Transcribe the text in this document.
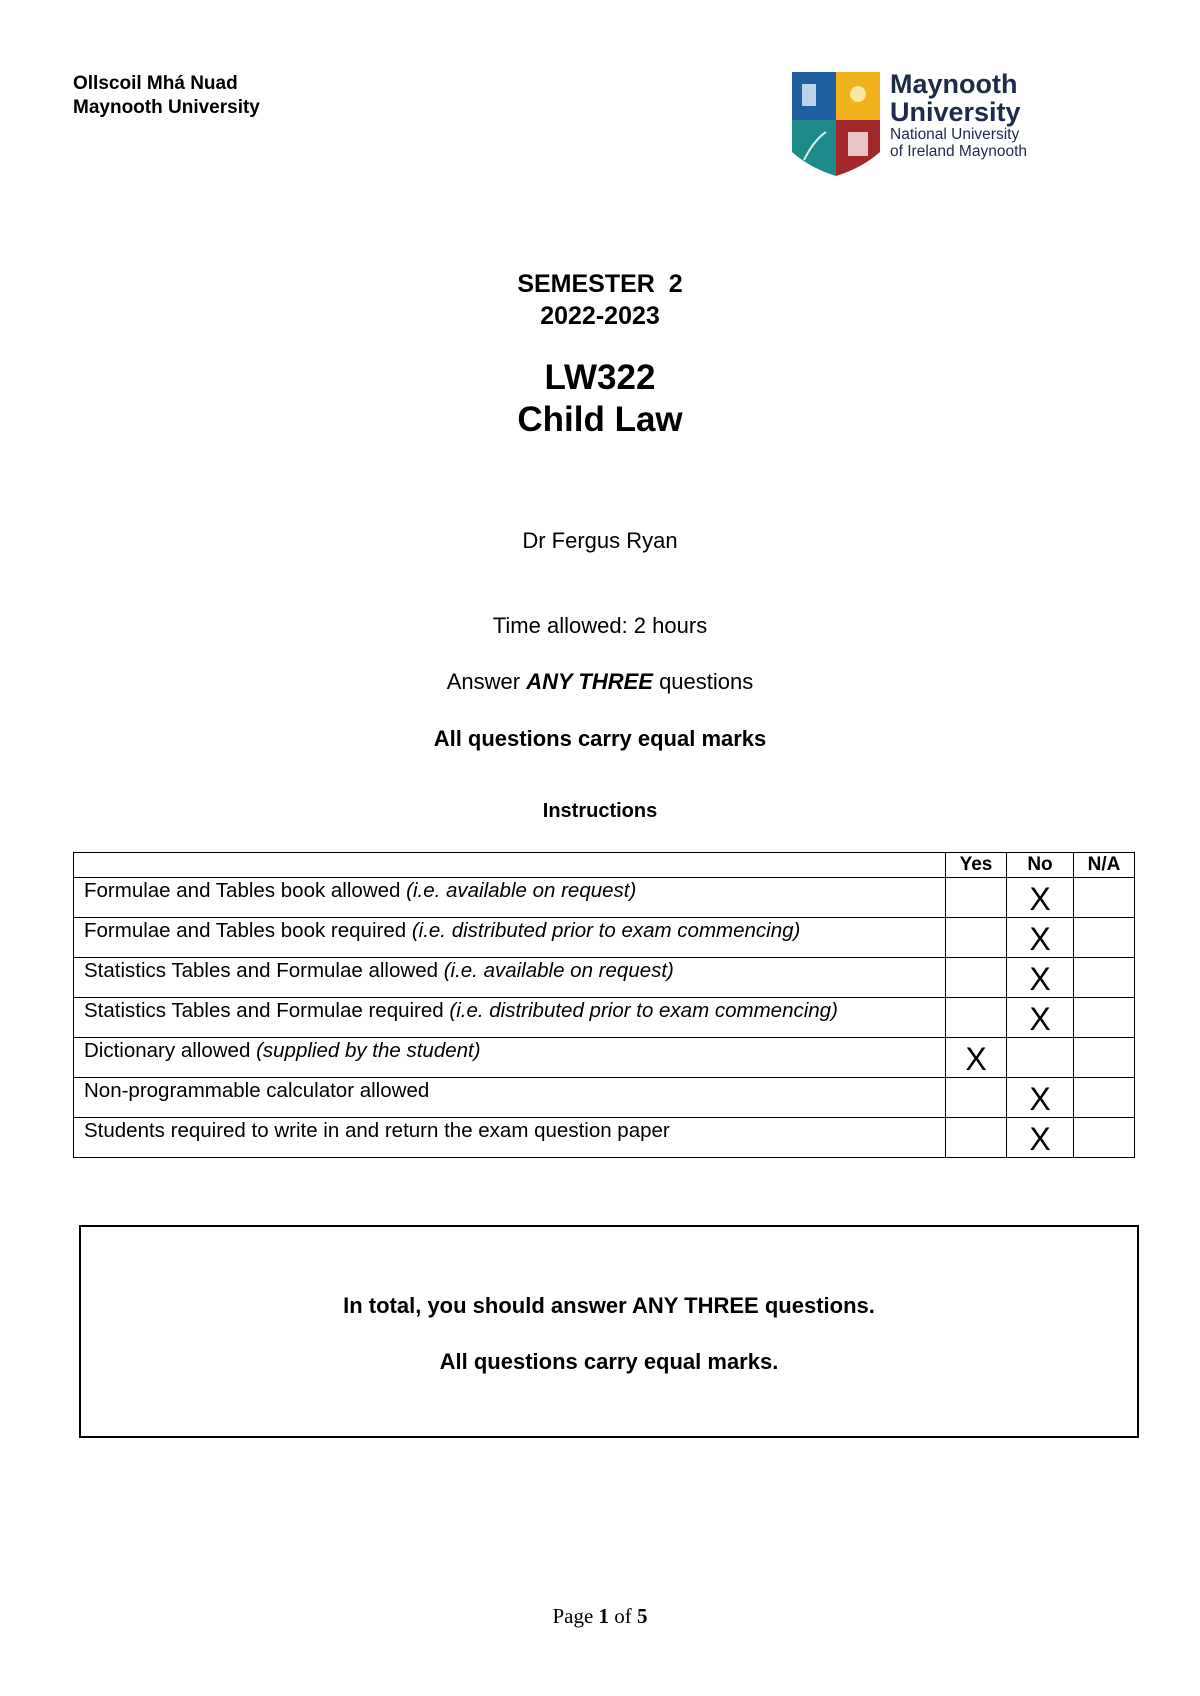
Ollscoil Mhá Nuad
Maynooth University
Maynooth
University
National University
of Ireland Maynooth
SEMESTER  2
2022-2023
LW322
Child Law
Dr Fergus Ryan
Time allowed: 2 hours
Answer ANY THREE questions
All questions carry equal marks
Instructions
	Yes	No	N/A
Formulae and Tables book allowed (i.e. available on request)		X	
Formulae and Tables book required (i.e. distributed prior to exam commencing)		X	
Statistics Tables and Formulae allowed (i.e. available on request)		X	
Statistics Tables and Formulae required (i.e. distributed prior to exam commencing)		X	
Dictionary allowed (supplied by the student)	X		
Non-programmable calculator allowed		X	
Students required to write in and return the exam question paper		X	
In total, you should answer ANY THREE questions.
All questions carry equal marks.
Page 1 of 5
